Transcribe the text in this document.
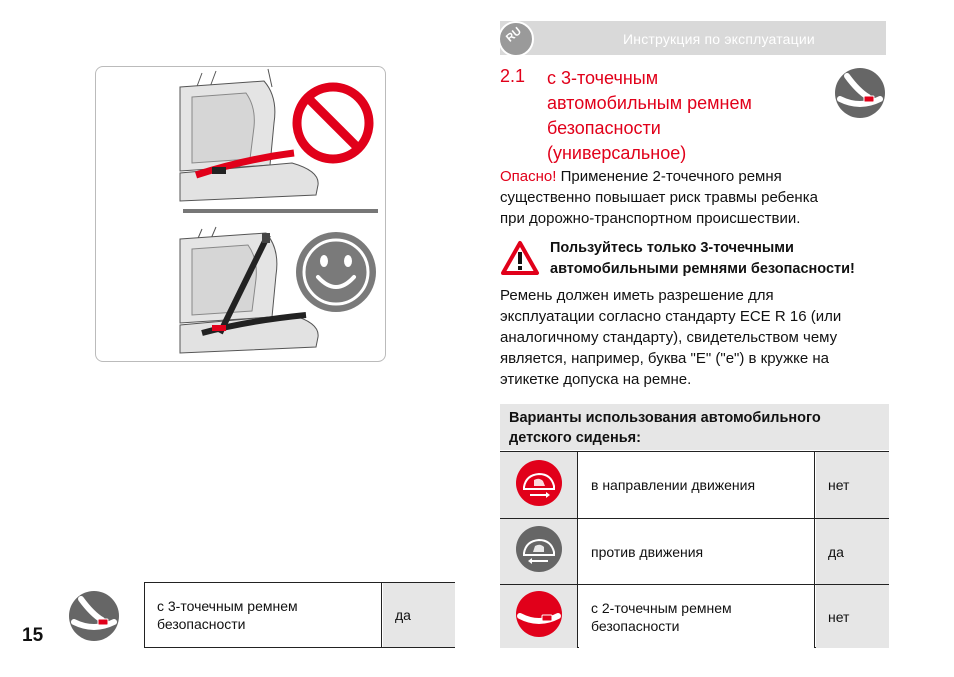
Инструкция по эксплуатации
RU
2.1 с 3-точечным
автомобильным ремнем
безопасности
(универсальное)
Опасно! Применение 2-точечного ремня
существенно повышает риск травмы ребенка
при дорожно-транспортном происшествии.
Пользуйтесь только 3-точечными
автомобильными ремнями безопасности!
Ремень должен иметь разрешение для
эксплуатации согласно стандарту ECE R 16 (или
аналогичному стандарту), свидетельством чему
является, например, буква "E" ("e") в кружке на
этикетке допуска на ремне.
Варианты использования автомобильного
детского сиденья:
в направлении движения	нет
против движения	да
с 2-точечным ремнем
безопасности
нет
15
с 3-точечным ремнем
безопасности
да
